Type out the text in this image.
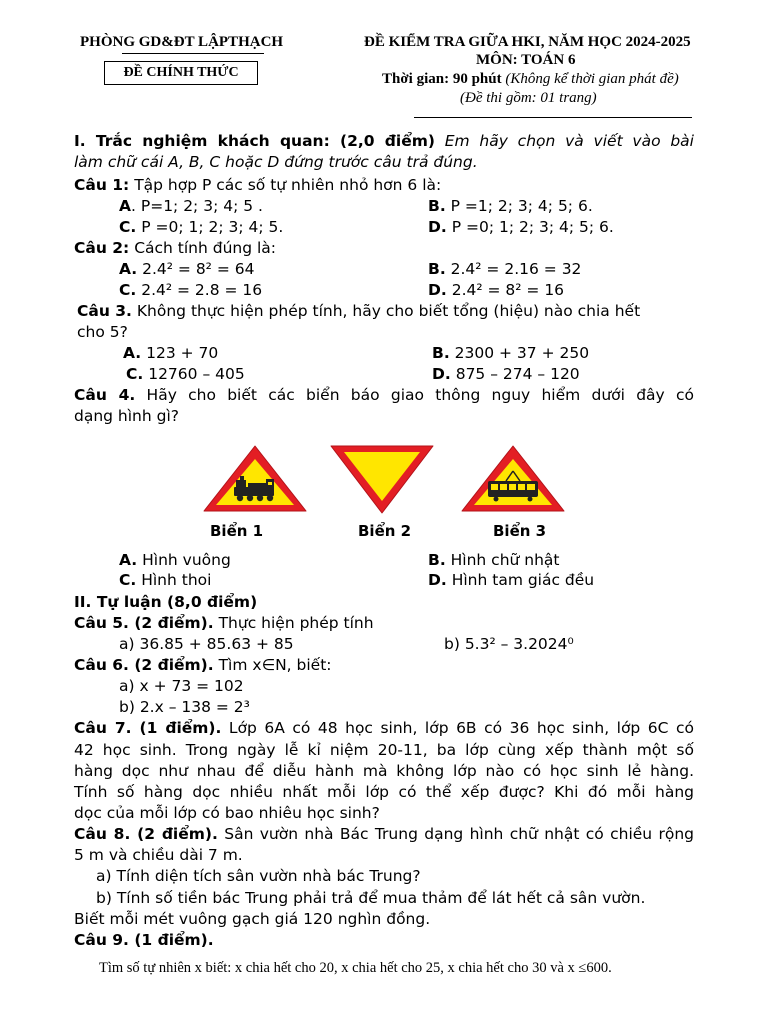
PHÒNG GD&ĐT LẬPTHẠCH
ĐỀ CHÍNH THỨC
ĐỀ KIỂM TRA GIỮA HKI, NĂM HỌC 2024-2025
MÔN: TOÁN 6
Thời gian: 90 phút (Không kể thời gian phát đề)
(Đề thi gồm: 01 trang)
I. Trắc nghiệm khách quan: (2,0 điểm) Em hãy chọn và viết vào bài
làm chữ cái A, B, C hoặc D đứng trước câu trả đúng.
Câu 1: Tập hợp P các số tự nhiên nhỏ hơn 6 là:
A. P=1; 2; 3; 4; 5 .	B. P =1; 2; 3; 4; 5; 6.
C. P =0; 1; 2; 3; 4; 5.	D. P =0; 1; 2; 3; 4; 5; 6.
Câu 2: Cách tính đúng là:
A. 2.4² = 8² = 64	B. 2.4² = 2.16 = 32
C. 2.4² = 2.8 = 16	D. 2.4² = 8² = 16
Câu 3. Không thực hiện phép tính, hãy cho biết tổng (hiệu) nào chia hết
cho 5?
A. 123 + 70	B. 2300 + 37 + 250
C. 12760 – 405	D. 875 – 274 – 120
Câu 4. Hãy cho biết các biển báo giao thông nguy hiểm dưới đây có
dạng hình gì?
Biển 1	Biển 2	Biển 3
A. Hình vuông	B. Hình chữ nhật
C. Hình thoi	D. Hình tam giác đều
II. Tự luận (8,0 điểm)
Câu 5. (2 điểm). Thực hiện phép tính
a) 36.85 + 85.63 + 85	b) 5.3² – 3.2024⁰
Câu 6. (2 điểm). Tìm x∈N, biết:
a) x + 73 = 102
b) 2.x – 138 = 2³
Câu 7. (1 điểm). Lớp 6A có 48 học sinh, lớp 6B có 36 học sinh, lớp 6C có
42 học sinh. Trong ngày lễ kỉ niệm 20-11, ba lớp cùng xếp thành một số
hàng dọc như nhau để diễu hành mà không lớp nào có học sinh lẻ hàng.
Tính số hàng dọc nhiều nhất mỗi lớp có thể xếp được? Khi đó mỗi hàng
dọc của mỗi lớp có bao nhiêu học sinh?
Câu 8. (2 điểm). Sân vườn nhà Bác Trung dạng hình chữ nhật có chiều rộng
5 m và chiều dài 7 m.
a) Tính diện tích sân vườn nhà bác Trung?
b) Tính số tiền bác Trung phải trả để mua thảm để lát hết cả sân vườn.
Biết mỗi mét vuông gạch giá 120 nghìn đồng.
Câu 9. (1 điểm).
Tìm số tự nhiên x biết: x chia hết cho 20, x chia hết cho 25, x chia hết cho 30 và x ≤600.
